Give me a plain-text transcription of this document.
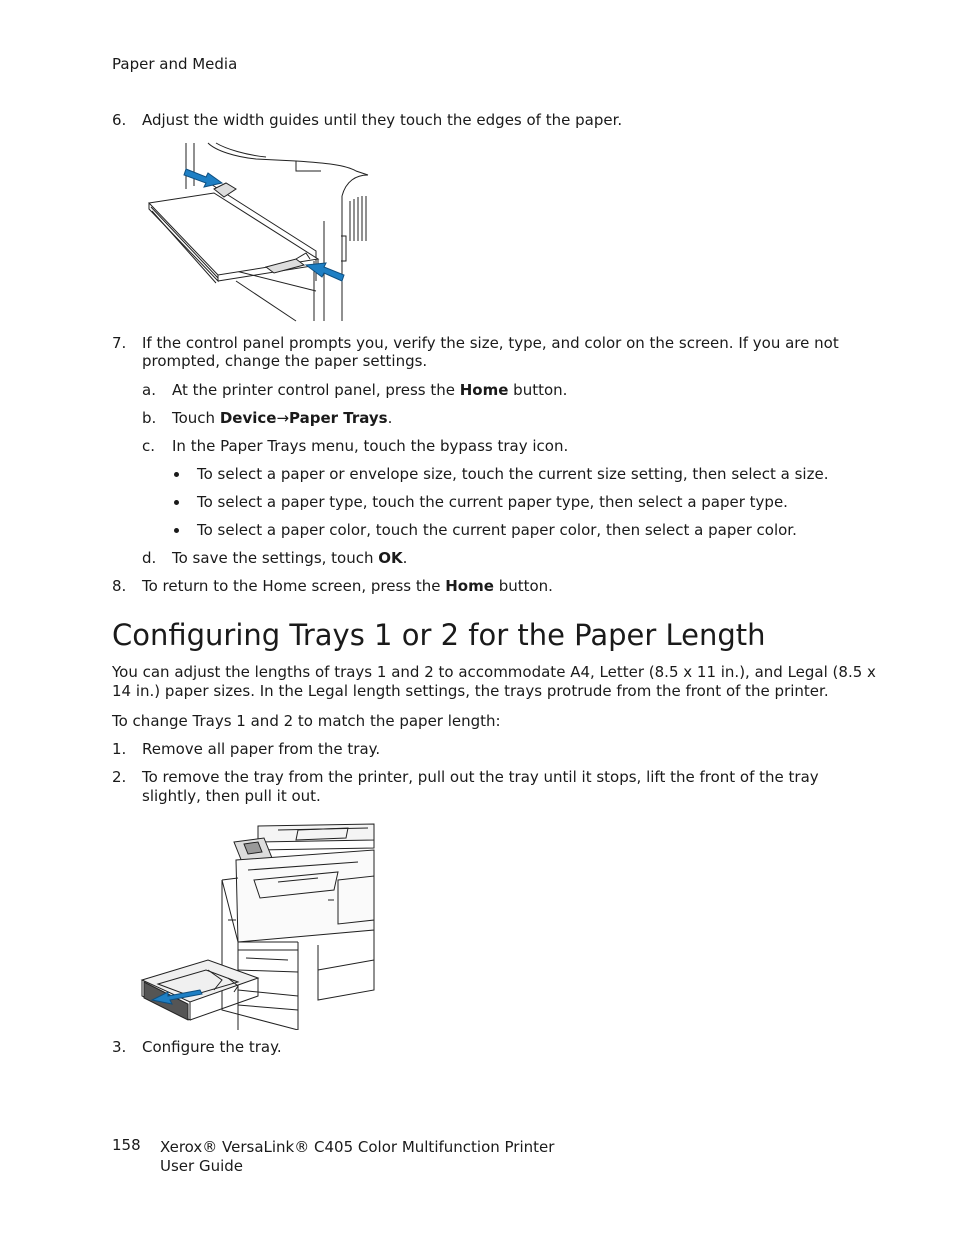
Paper and Media
6. Adjust the width guides until they touch the edges of the paper.
7. If the control panel prompts you, verify the size, type, and color on the screen. If you are not
prompted, change the paper settings.
a. At the printer control panel, press the Home button.
b. Touch Device→Paper Trays.
c. In the Paper Trays menu, touch the bypass tray icon.
To select a paper or envelope size, touch the current size setting, then select a size.
To select a paper type, touch the current paper type, then select a paper type.
To select a paper color, touch the current paper color, then select a paper color.
d. To save the settings, touch OK.
8. To return to the Home screen, press the Home button.
Configuring Trays 1 or 2 for the Paper Length
You can adjust the lengths of trays 1 and 2 to accommodate A4, Letter (8.5 x 11 in.), and Legal (8.5 x
14 in.) paper sizes. In the Legal length settings, the trays protrude from the front of the printer.
To change Trays 1 and 2 to match the paper length:
1. Remove all paper from the tray.
2. To remove the tray from the printer, pull out the tray until it stops, lift the front of the tray
slightly, then pull it out.
3. Configure the tray.
158 Xerox® VersaLink® C405 Color Multifunction Printer
User Guide
